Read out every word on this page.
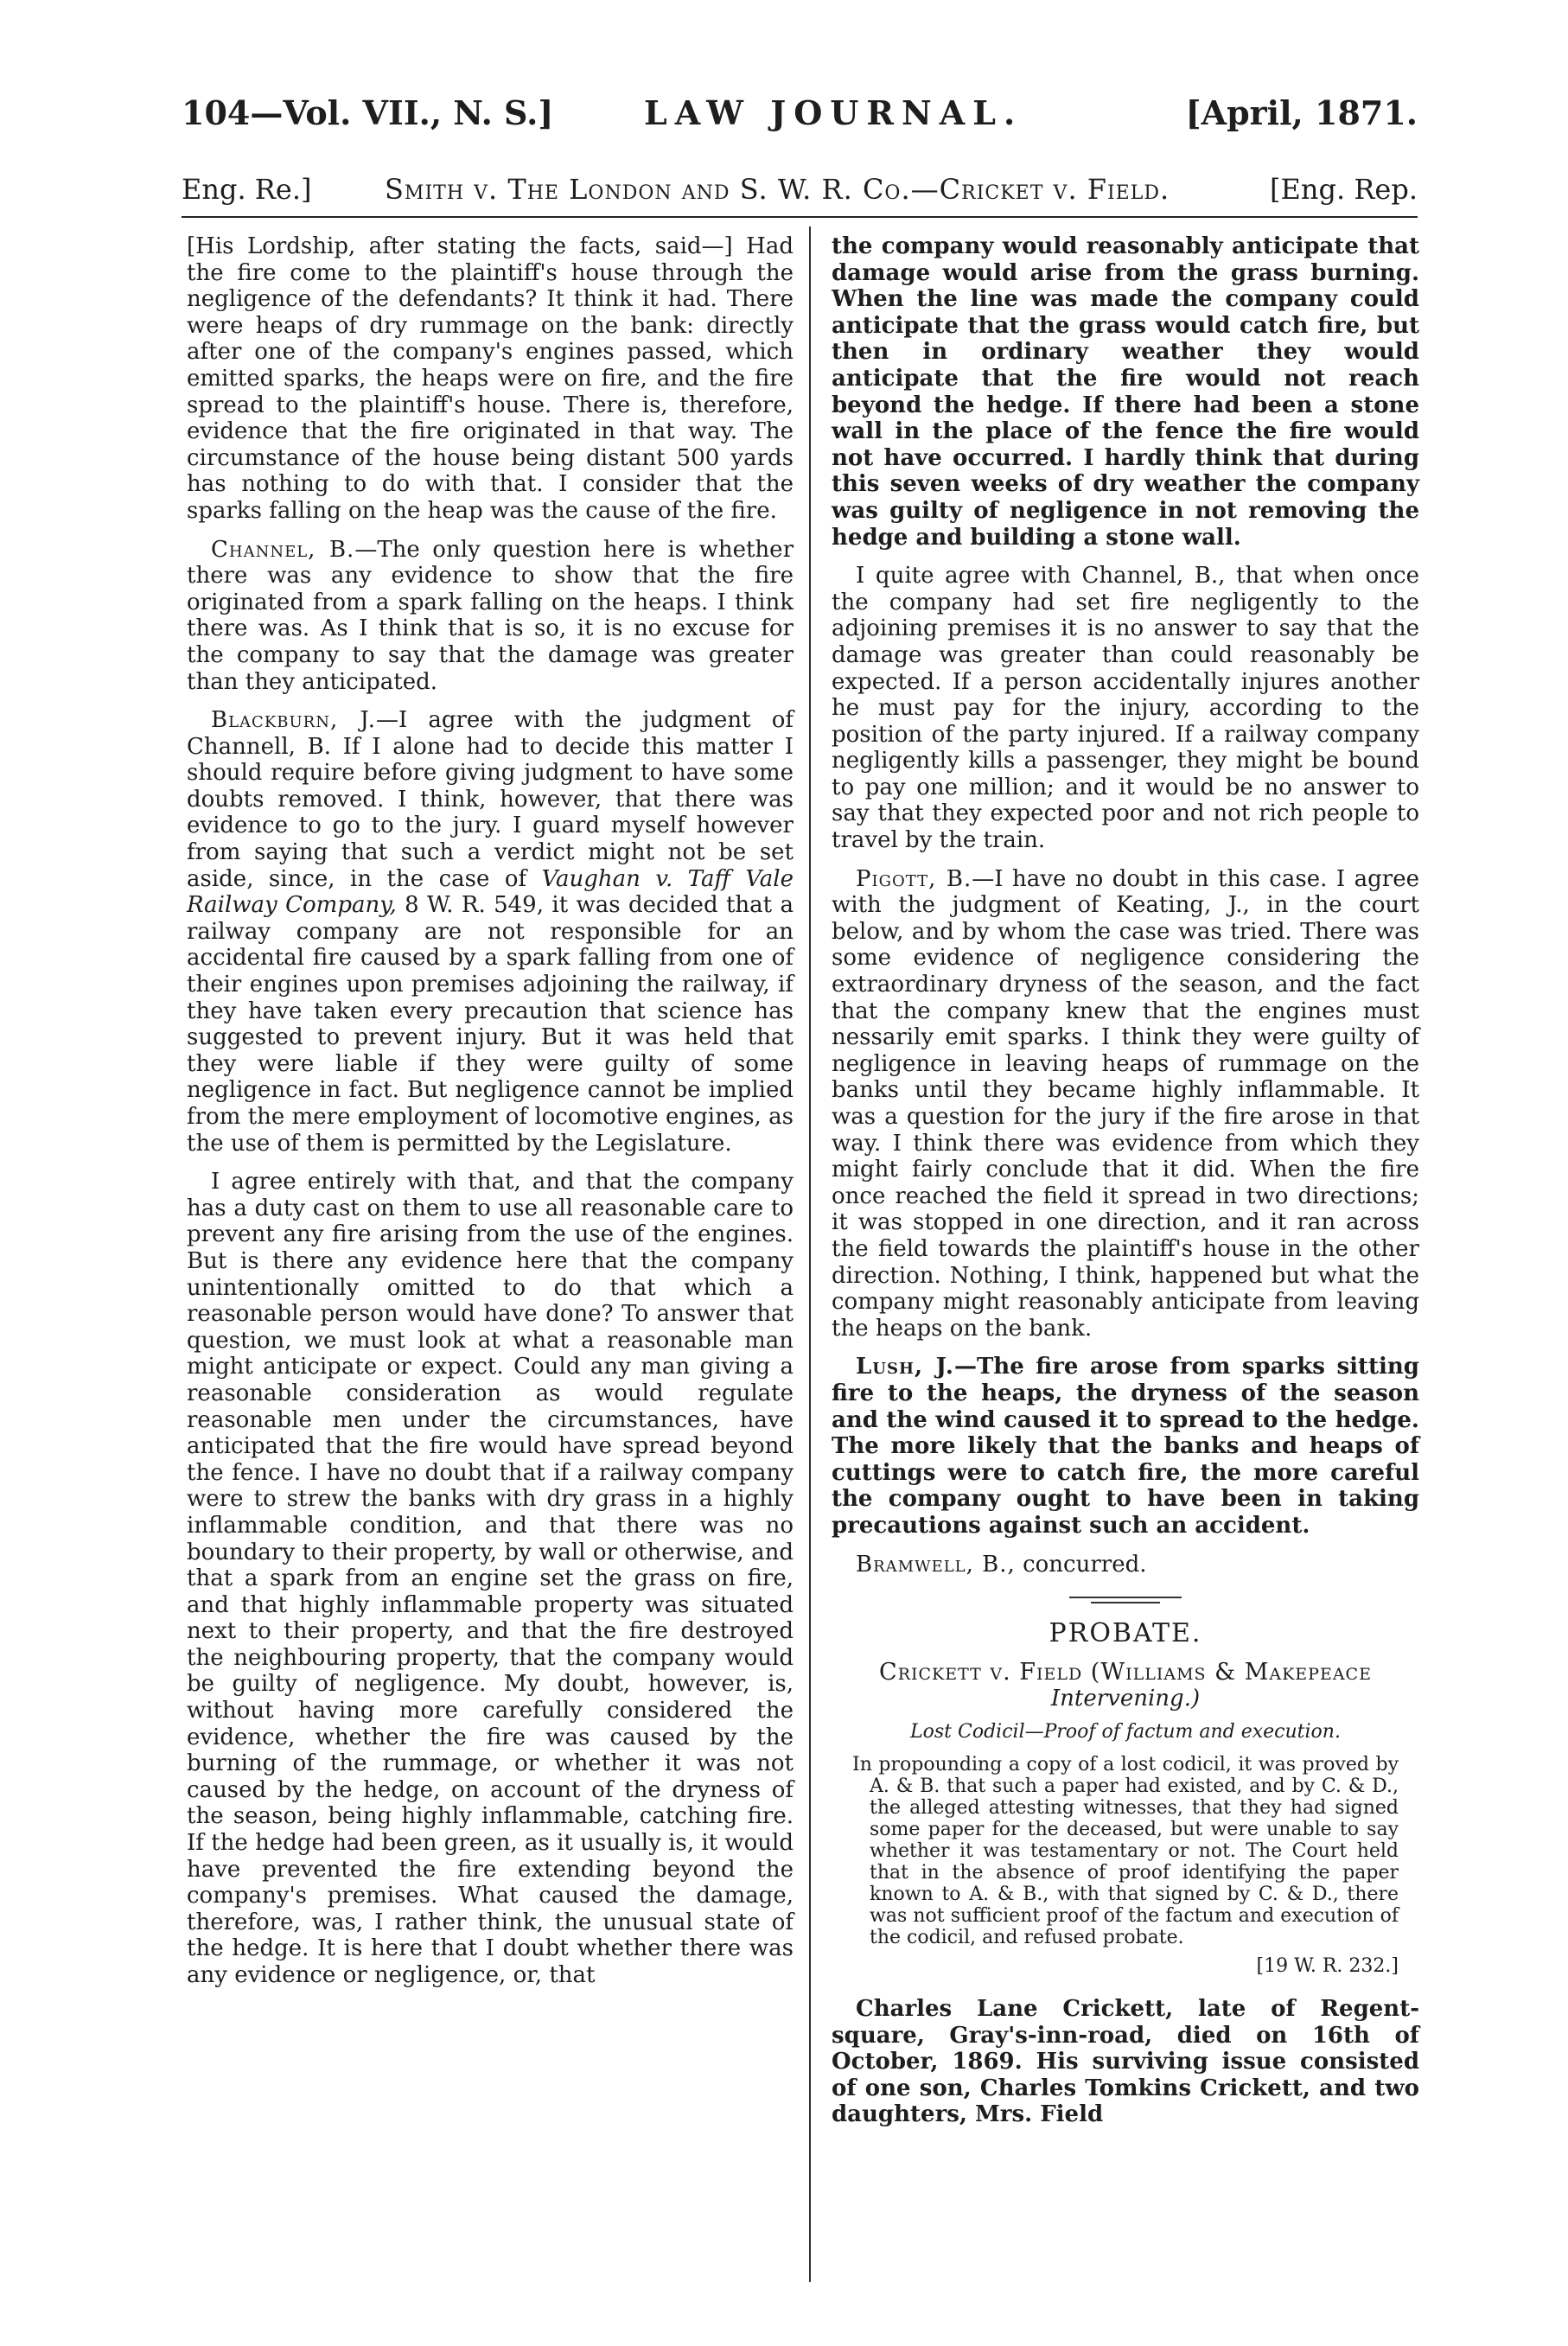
104—Vol. VII., N. S.]	LAW JOURNAL.	[April, 1871.
Eng. Re.]	Smith v. The London and S. W. R. Co.—Cricket v. Field.	[Eng. Rep.

[His Lordship, after stating the facts, said—] Had the fire come to the plaintiff's house through the negligence of the defendants? It think it had. There were heaps of dry rummage on the bank: directly after one of the company's engines passed, which emitted sparks, the heaps were on fire, and the fire spread to the plaintiff's house. There is, therefore, evidence that the fire originated in that way. The circumstance of the house being distant 500 yards has nothing to do with that. I consider that the sparks falling on the heap was the cause of the fire.

Channel, B.—The only question here is whether there was any evidence to show that the fire originated from a spark falling on the heaps. I think there was. As I think that is so, it is no excuse for the company to say that the damage was greater than they anticipated.

Blackburn, J.—I agree with the judgment of Channell, B. If I alone had to decide this matter I should require before giving judgment to have some doubts removed. I think, however, that there was evidence to go to the jury. I guard myself however from saying that such a verdict might not be set aside, since, in the case of Vaughan v. Taff Vale Railway Company, 8 W. R. 549, it was decided that a railway company are not responsible for an accidental fire caused by a spark falling from one of their engines upon premises adjoining the railway, if they have taken every precaution that science has suggested to prevent injury. But it was held that they were liable if they were guilty of some negligence in fact. But negligence cannot be implied from the mere employment of locomotive engines, as the use of them is permitted by the Legislature.

I agree entirely with that, and that the company has a duty cast on them to use all reasonable care to prevent any fire arising from the use of the engines. But is there any evidence here that the company unintentionally omitted to do that which a reasonable person would have done? To answer that question, we must look at what a reasonable man might anticipate or expect. Could any man giving a reasonable consideration as would regulate reasonable men under the circumstances, have anticipated that the fire would have spread beyond the fence. I have no doubt that if a railway company were to strew the banks with dry grass in a highly inflammable condition, and that there was no boundary to their property, by wall or otherwise, and that a spark from an engine set the grass on fire, and that highly inflammable property was situated next to their property, and that the fire destroyed the neighbouring property, that the company would be guilty of negligence. My doubt, however, is, without having more carefully considered the evidence, whether the fire was caused by the burning of the rummage, or whether it was not caused by the hedge, on account of the dryness of the season, being highly inflammable, catching fire. If the hedge had been green, as it usually is, it would have prevented the fire extending beyond the company's premises. What caused the damage, therefore, was, I rather think, the unusual state of the hedge. It is here that I doubt whether there was any evidence or negligence, or, that

the company would reasonably anticipate that damage would arise from the grass burning. When the line was made the company could anticipate that the grass would catch fire, but then in ordinary weather they would anticipate that the fire would not reach beyond the hedge. If there had been a stone wall in the place of the fence the fire would not have occurred. I hardly think that during this seven weeks of dry weather the company was guilty of negligence in not removing the hedge and building a stone wall.

I quite agree with Channel, B., that when once the company had set fire negligently to the adjoining premises it is no answer to say that the damage was greater than could reasonably be expected. If a person accidentally injures another he must pay for the injury, according to the position of the party injured. If a railway company negligently kills a passenger, they might be bound to pay one million; and it would be no answer to say that they expected poor and not rich people to travel by the train.

Pigott, B.—I have no doubt in this case. I agree with the judgment of Keating, J., in the court below, and by whom the case was tried. There was some evidence of negligence considering the extraordinary dryness of the season, and the fact that the company knew that the engines must nessarily emit sparks. I think they were guilty of negligence in leaving heaps of rummage on the banks until they became highly inflammable. It was a question for the jury if the fire arose in that way. I think there was evidence from which they might fairly conclude that it did. When the fire once reached the field it spread in two directions; it was stopped in one direction, and it ran across the field towards the plaintiff's house in the other direction. Nothing, I think, happened but what the company might reasonably anticipate from leaving the heaps on the bank.

Lush, J.—The fire arose from sparks sitting fire to the heaps, the dryness of the season and the wind caused it to spread to the hedge. The more likely that the banks and heaps of cuttings were to catch fire, the more careful the company ought to have been in taking precautions against such an accident.

Bramwell, B., concurred.

PROBATE.
Crickett v. Field (Williams & Makepeace
Intervening.)
Lost Codicil—Proof of factum and execution.
In propounding a copy of a lost codicil, it was proved by A. & B. that such a paper had existed, and by C. & D., the alleged attesting witnesses, that they had signed some paper for the deceased, but were unable to say whether it was testamentary or not. The Court held that in the absence of proof identifying the paper known to A. & B., with that signed by C. & D., there was not sufficient proof of the factum and execution of the codicil, and refused probate.
[19 W. R. 232.]

Charles Lane Crickett, late of Regent-square, Gray's-inn-road, died on 16th of October, 1869. His surviving issue consisted of one son, Charles Tomkins Crickett, and two daughters, Mrs. Field
